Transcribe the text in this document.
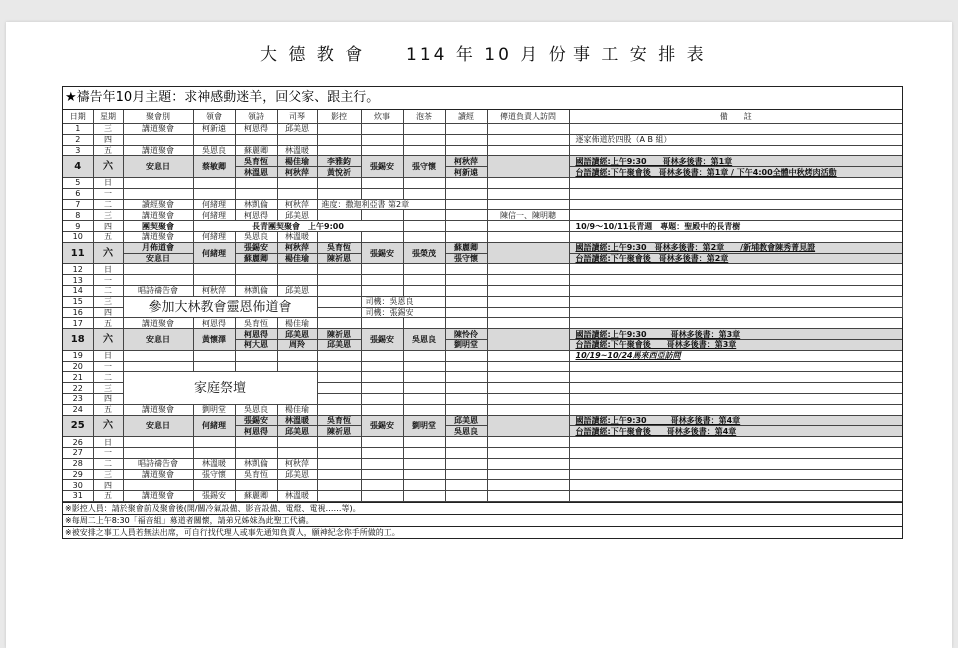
大 德 教 會 114 年 10 月 份 事 工 安 排 表
★禱告年10月主題：求神感動迷羊，回父家、跟主行。
日期	星期	聚會別	領會	領詩	司琴	影控	炊事	泡茶	讀經	傳道負責人訪問	備　　註	
1	三	講道聚會	柯新遠	柯恩得	邱美恩							
2	四										逐家佈道於四股（A B 組）	
3	五	講道聚會	吳恩良	蘇麗卿	林溫暖							
4	六	安息日	蔡敏卿	吳育恆	楊佳瑜	李雅鈞	張錫安	張守懷	柯秋萍		國語讀經:上午9:30　　哥林多後書：第1章	
				林溫恩	柯秋萍	黃悅祈			柯新遠		台語讀經:下午聚會後　哥林多後書：第1章 / 下午4:00全體中秋烤肉活動	
5	日											
6	一											
7	二	讀經聚會	何緒理	林凱倫	柯秋萍	進度：撒迦利亞書 第2章						
8	三	講道聚會	何緒理	柯恩得	邱美恩					陳信一、陳明聰		
9	四	團契聚會	長青團契聚會　上午9:00								10/9～10/11長青週　專題：聖殿中的長青樹	
10	五	講道聚會	何緒理	吳恩良	林溫暖							
11	六	月佈道會	何緒理	張錫安	柯秋萍	吳育恆	張錫安	張榮茂	蘇麗卿		國語讀經:上午9:30　哥林多後書：第2章　　/新埔教會陳秀菁見證	
		安息日		蘇麗卿	楊佳瑜	陳祈恩			張守懷		台語讀經:下午聚會後　哥林多後書：第2章	
12	日											
13	一											
14	二	唱詩禱告會	柯秋萍	林凱倫	邱美恩							
15	三	參加大林教會靈恩佈道會					司機：吳恩良					
16	四						司機：張錫安				
17	五	講道聚會	柯恩得	吳育恆	楊佳瑜							
18	六	安息日	黃懷澤	柯恩得	邱美恩	陳祈恩	張錫安	吳恩良	陳怜伶		國語讀經:上午9:30　　　哥林多後書：第3章	
				柯大恩	周羚	邱美恩			劉明堂		台語讀經:下午聚會後　　哥林多後書：第3章	
19	日										10/19~10/24馬來西亞訪問	
20	一											
21	二	家庭祭壇										
22	三											
23	四											
24	五	講道聚會	劉明堂	吳恩良	楊佳瑜							
25	六	安息日	何緒理	張錫安	林溫暖	吳育恆	張錫安	劉明堂	邱美恩		國語讀經:上午9:30　　　哥林多後書：第4章	
				柯恩得	邱美恩	陳祈恩			吳恩良		台語讀經:下午聚會後　　哥林多後書：第4章	
26	日											
27	一											
28	二	唱詩禱告會	林溫暖	林凱倫	柯秋萍							
29	三	講道聚會	張守懷	吳育恆	邱美恩							
30	四											
31	五	講道聚會	張錫安	蘇麗卿	林溫暖							
※影控人員：請於聚會前及聚會後(開/關冷氣設備、影音設備、電燈、電視……等)。
※每周二上午8:30「福音組」募道者關懷，請弟兄姊妹為此聖工代禱。
※被安排之事工人員若無法出席，可自行找代理人或事先通知負責人，願神紀念你手所做的工。
